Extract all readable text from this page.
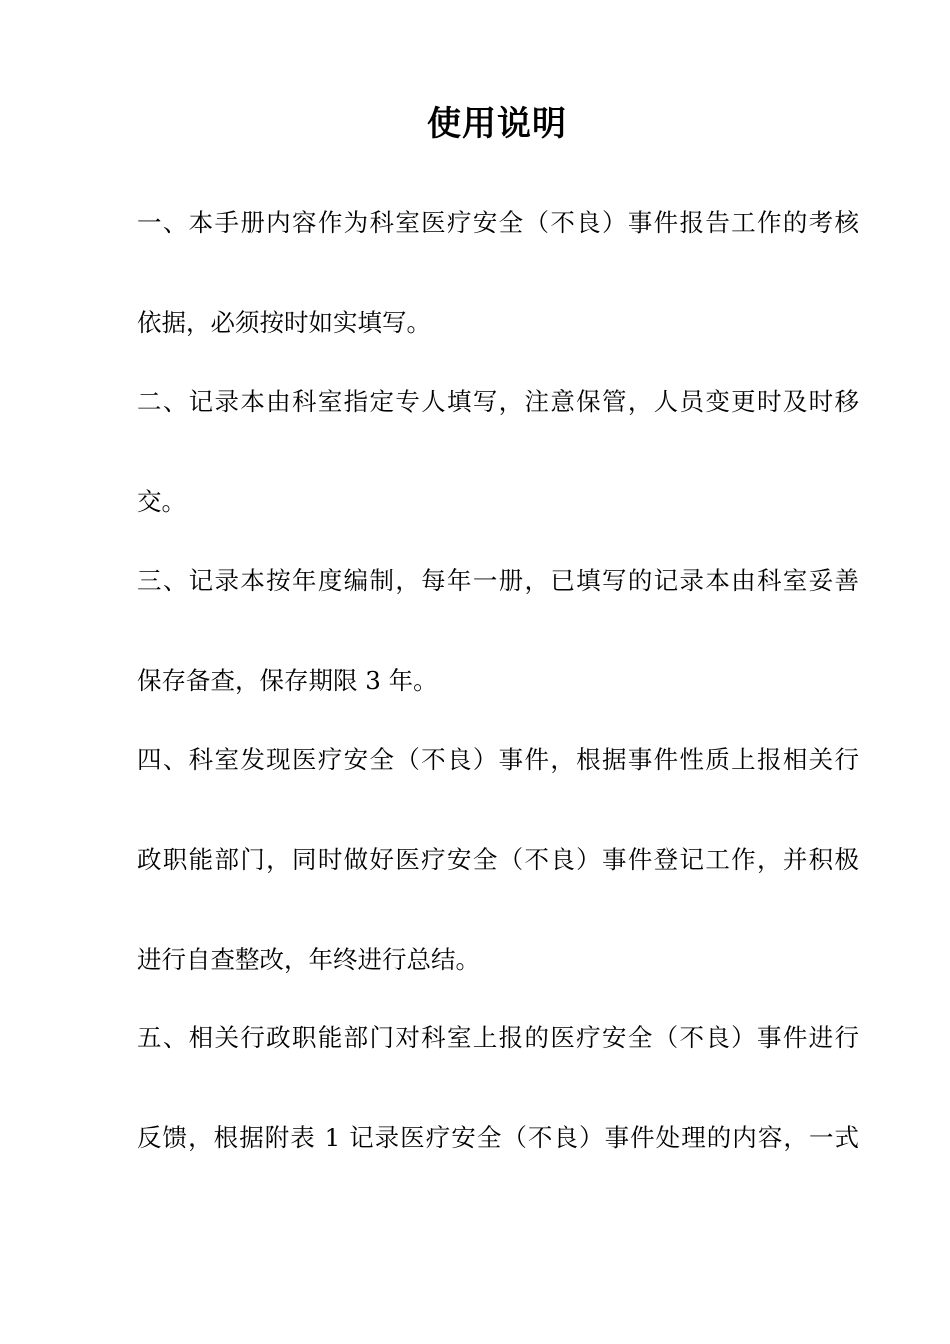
使用说明

一、本手册内容作为科室医疗安全（不良）事件报告工作的考核

依据，必须按时如实填写。

二、记录本由科室指定专人填写，注意保管，人员变更时及时移

交。

三、记录本按年度编制，每年一册，已填写的记录本由科室妥善

保存备查，保存期限 3 年。

四、科室发现医疗安全（不良）事件，根据事件性质上报相关行

政职能部门，同时做好医疗安全（不良）事件登记工作，并积极

进行自查整改，年终进行总结。

五、相关行政职能部门对科室上报的医疗安全（不良）事件进行

反馈，根据附表 1 记录医疗安全（不良）事件处理的内容，一式
